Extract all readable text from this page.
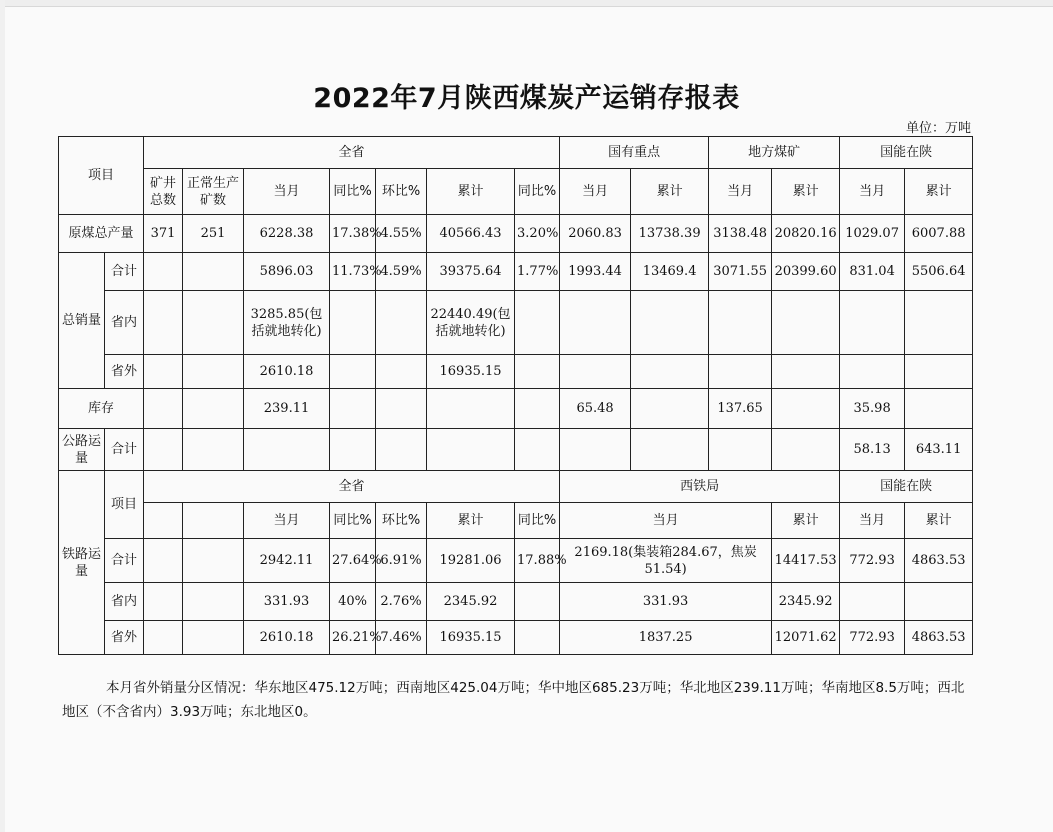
2022年7月陕西煤炭产运销存报表
单位：万吨
项目		全省							国有重点		地方煤矿		国能在陕	
		矿井总数	正常生产矿数	当月	同比%	环比%	累计	同比%	当月	累计	当月	累计	当月	累计
原煤总产量		371	251	6228.38	17.38%	4.55%	40566.43	3.20%	2060.83	13738.39	3138.48	20820.16	1029.07	6007.88
总销量	合计			5896.03	11.73%	4.59%	39375.64	1.77%	1993.44	13469.4	3071.55	20399.60	831.04	5506.64
	省内			3285.85(包括就地转化)			22440.49(包括就地转化)							
	省外			2610.18			16935.15							
库存				239.11					65.48		137.65		35.98	
公路运量	合计												58.13	643.11
铁路运量	项目	全省							西铁局				国能在陕	
				当月	同比%	环比%	累计	同比%	当月			累计	当月	累计
	合计			2942.11	27.64%	6.91%	19281.06	17.88%	2169.18(集装箱284.67，焦炭51.54)			14417.53	772.93	4863.53
	省内			331.93	40%	2.76%	2345.92		331.93			2345.92		
	省外			2610.18	26.21%	7.46%	16935.15		1837.25			12071.62	772.93	4863.53
本月省外销量分区情况：华东地区475.12万吨；西南地区425.04万吨；华中地区685.23万吨；华北地区239.11万吨；华南地区8.5万吨；西北地区（不含省内）3.93万吨；东北地区0。
